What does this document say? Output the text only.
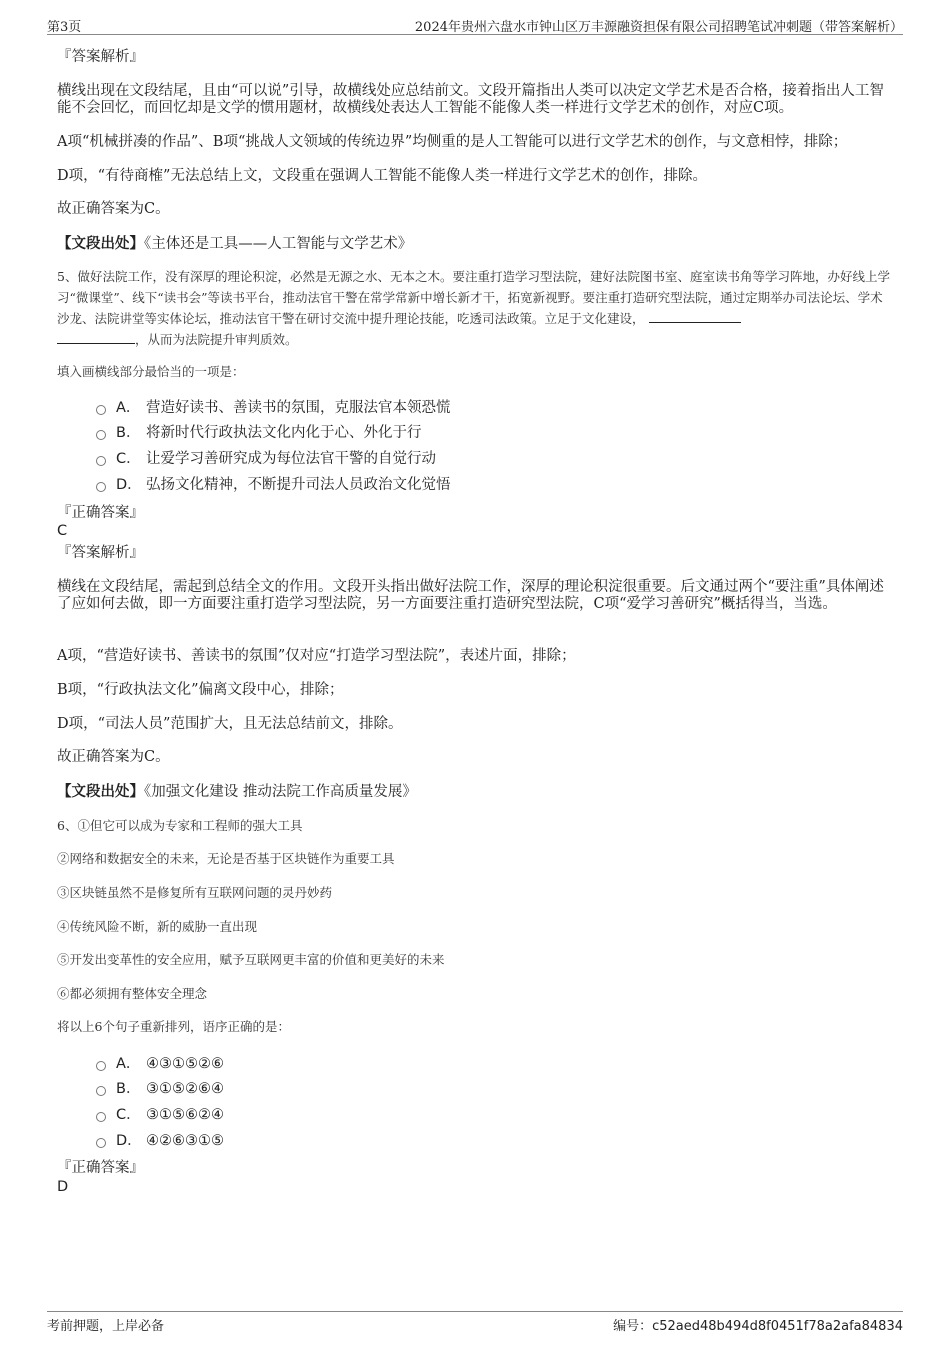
第3页	2024年贵州六盘水市钟山区万丰源融资担保有限公司招聘笔试冲刺题（带答案解析）
『答案解析』
横线出现在文段结尾，且由“可以说”引导，故横线处应总结前文。文段开篇指出人类可以决定文学艺术是否合格，接着指出人工智能不会回忆，而回忆却是文学的惯用题材，故横线处表达人工智能不能像人类一样进行文学艺术的创作，对应C项。
A项“机械拼凑的作品”、B项“挑战人文领域的传统边界”均侧重的是人工智能可以进行文学艺术的创作，与文意相悖，排除；
D项，“有待商榷”无法总结上文，文段重在强调人工智能不能像人类一样进行文学艺术的创作，排除。
故正确答案为C。
【文段出处】《主体还是工具——人工智能与文学艺术》
5、做好法院工作，没有深厚的理论积淀，必然是无源之水、无本之木。要注重打造学习型法院，建好法院图书室、庭室读书角等学习阵地，办好线上学习“微课堂”、线下“读书会”等读书平台，推动法官干警在常学常新中增长新才干，拓宽新视野。要注重打造研究型法院，通过定期举办司法论坛、学术沙龙、法院讲堂等实体论坛，推动法官干警在研讨交流中提升理论技能，吃透司法政策。立足于文化建设，
，从而为法院提升审判质效。
填入画横线部分最恰当的一项是：
A． 营造好读书、善读书的氛围，克服法官本领恐慌
B． 将新时代行政执法文化内化于心、外化于行
C． 让爱学习善研究成为每位法官干警的自觉行动
D． 弘扬文化精神，不断提升司法人员政治文化觉悟
『正确答案』
C
『答案解析』
横线在文段结尾，需起到总结全文的作用。文段开头指出做好法院工作，深厚的理论积淀很重要。后文通过两个“要注重”具体阐述了应如何去做，即一方面要注重打造学习型法院，另一方面要注重打造研究型法院，C项“爱学习善研究”概括得当，当选。
A项，“营造好读书、善读书的氛围”仅对应“打造学习型法院”，表述片面，排除；
B项，“行政执法文化”偏离文段中心，排除；
D项，“司法人员”范围扩大，且无法总结前文，排除。
故正确答案为C。
【文段出处】《加强文化建设 推动法院工作高质量发展》
6、①但它可以成为专家和工程师的强大工具
②网络和数据安全的未来，无论是否基于区块链作为重要工具
③区块链虽然不是修复所有互联网问题的灵丹妙药
④传统风险不断，新的威胁一直出现
⑤开发出变革性的安全应用，赋予互联网更丰富的价值和更美好的未来
⑥都必须拥有整体安全理念
将以上6个句子重新排列，语序正确的是：
A． ④③①⑤②⑥
B． ③①⑤②⑥④
C． ③①⑤⑥②④
D． ④②⑥③①⑤
『正确答案』
D
考前押题，上岸必备	编号：c52aed48b494d8f0451f78a2afa84834
